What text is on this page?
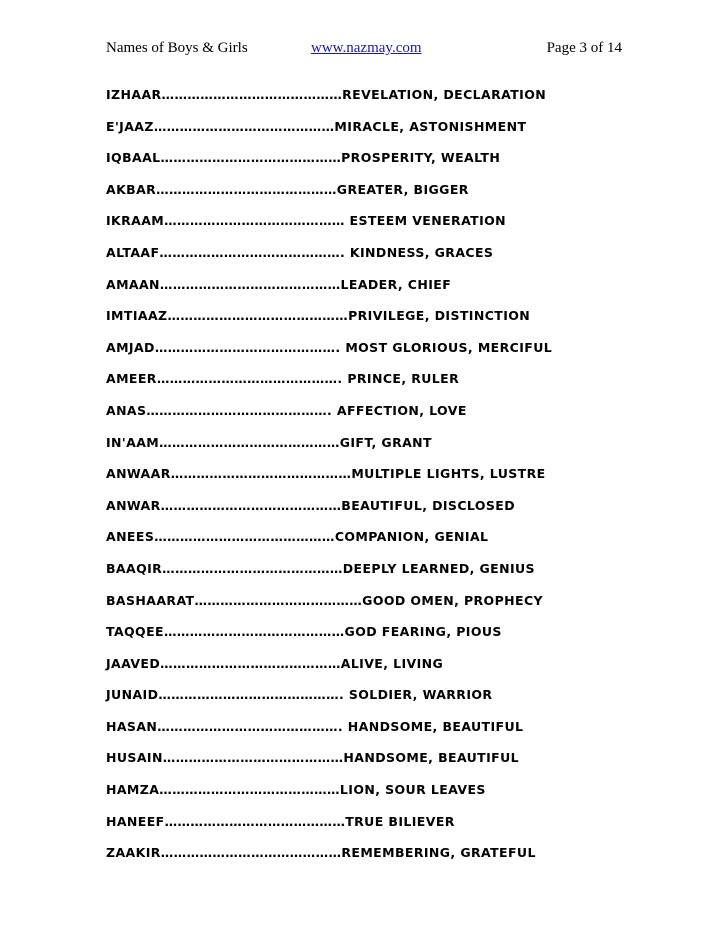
Names of Boys & Girls	www.nazmay.com	Page 3 of 14
IZHAAR……………………………………REVELATION, DECLARATION
E'JAAZ……………………………………MIRACLE, ASTONISHMENT
IQBAAL……………………………………PROSPERITY, WEALTH
AKBAR……………………………………GREATER, BIGGER
IKRAAM…………………………………… ESTEEM VENERATION
ALTAAF……………………………………. KINDNESS, GRACES
AMAAN……………………………………LEADER, CHIEF
IMTIAAZ……………………………………PRIVILEGE, DISTINCTION
AMJAD……………………………………. MOST GLORIOUS, MERCIFUL
AMEER……………………………………. PRINCE, RULER
ANAS……………………………………. AFFECTION, LOVE
IN'AAM……………………………………GIFT, GRANT
ANWAAR……………………………………MULTIPLE LIGHTS, LUSTRE
ANWAR……………………………………BEAUTIFUL, DISCLOSED
ANEES……………………………………COMPANION, GENIAL
BAAQIR……………………………………DEEPLY LEARNED, GENIUS
BASHAARAT…………………………………GOOD OMEN, PROPHECY
TAQQEE……………………………………GOD FEARING, PIOUS
JAAVED……………………………………ALIVE, LIVING
JUNAID……………………………………. SOLDIER, WARRIOR
HASAN……………………………………. HANDSOME, BEAUTIFUL
HUSAIN……………………………………HANDSOME, BEAUTIFUL
HAMZA……………………………………LION, SOUR LEAVES
HANEEF……………………………………TRUE BILIEVER
ZAAKIR……………………………………REMEMBERING, GRATEFUL
